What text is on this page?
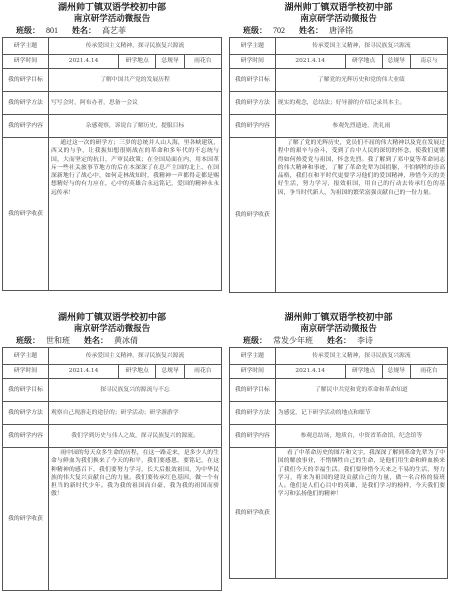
湖州帅丁镇双语学校初中部
南京研学活动微报告
班级： 801 姓名： 高艺菲
研学主题	传承爱国主义精神，探寻民族复兴源流			
研学时间	2021.4.14	研学地点	总规导	雨花台
我的研学目标	了解中国共产党的发展历程			
我的研学方法	写写会时，阿布办者，思备一会议			
我的研学内容	杂感观察，诉说台了解历史，提服目标			
我的研学收获	通过这一次的研学方；三岁的总统并人山人海，里各峡建筑，西又的与争，让我振知想很则战在的革命和多年代的不忘统与国，大而坚定的抗日，产审民政策；在全国局面在内，用本国革斥一些社关旅事节地方的后在本深深了在总产主国的北上，在国深新地行了战心中，如何走林战知时，我精神一声都得走都是赐想精好与的有力应在，心中的英雄合永远铭记，爱国的精神永永远传承！			

湖州帅丁镇双语学校初中部
南京研学活动微报告
班级： 702 姓名： 唐泽铭
研学主题	传承爱国主义精神，探寻民族复兴源流			
研学时间	2021.4.14	研学地点	总规导	南京与
我的研学目标	了解党的光辉历史和党的伟大业绩			
我的研学方法	现实的观念，总结法；好导游的介绍记录其本主。			
我的研学内容	参观先烈遗迹，洗礼雨			
我的研学收获	了解了党的光辉历史，党员们不屈的伟大精神以及党在发展过程中的艰辛与奋斗，受到了台中人民的深切的怀念，使我们更懂得如何热爱党与祖国，怀念先烈。我了解到了邓中夏等革命同志的伟大精神和事迹，了解了革命先辈为国捐躯，不怕牺牲的崇高品格，我们在和平时代更要学习他们的爱国精神，珍惜今天的美好生活，努力学习，报效祖国，用自己的行动去传承红色的基因，争当时代新人，为祖国的繁荣富强贡献自己的一份力量。			

湖州帅丁镇双语学校初中部
南京研学活动微报告
班级： 世和班 姓名： 黄冰倩
研学主题	传承爱国主义精神，探寻民族复兴源流			
研学时间	2021.4.14	研学地点	总规导	雨花台
我的研学目标	探寻民族复兴的源流与不忘			
我的研学方法	观察自己现游走的途径的；研学活动；研学游游学			
我的研学内容	我们学到历史与伟人之故，探寻民族复兴的源流。			
我的研学收获	雨中园的每天众多生命的历程，在这一路走来，是多少人的生命与鲜血为我们换来了今天的和平，我们要感恩，要铭记，在这种精神的感召下，我们要努力学习，长大后报效祖国，为中华民族的伟大复兴贡献自己的力量。我们要传承红色基因，做一个有担当的新时代少年。我为我的祖国而自豪，我为我的祖国而骄傲！			

湖州帅丁镇双语学校初中部
南京研学活动微报告
班级： 常发少年班 姓名： 李诗
研学主题	传承爱国主义精神，探寻民族复兴源流			
研学时间	2021.4.14	研学地点	总规导	雨花台
我的研学目标	了解民中共党和党的革命和革命知道			
我的研学方法	为感觉，记下研学活动的地点和细节			
我的研学内容	参观总结场，地质台，中资省革命馆，纪念馆等			
我的研学收获	看了中革命历史的图片和文字，我深深了解到革命先辈为了中国的解放事业，不惜牺牲自己的生命，是他们用生命和鲜血换来了我们今天的幸福生活。我们要珍惜今天来之不易的生活，努力学习，将来为祖国的建设贡献自己的力量，做一名合格的接班人。他们是人们心目中的英雄，是我们学习的榜样，今天我们要学习和弘扬他们的精神！			
